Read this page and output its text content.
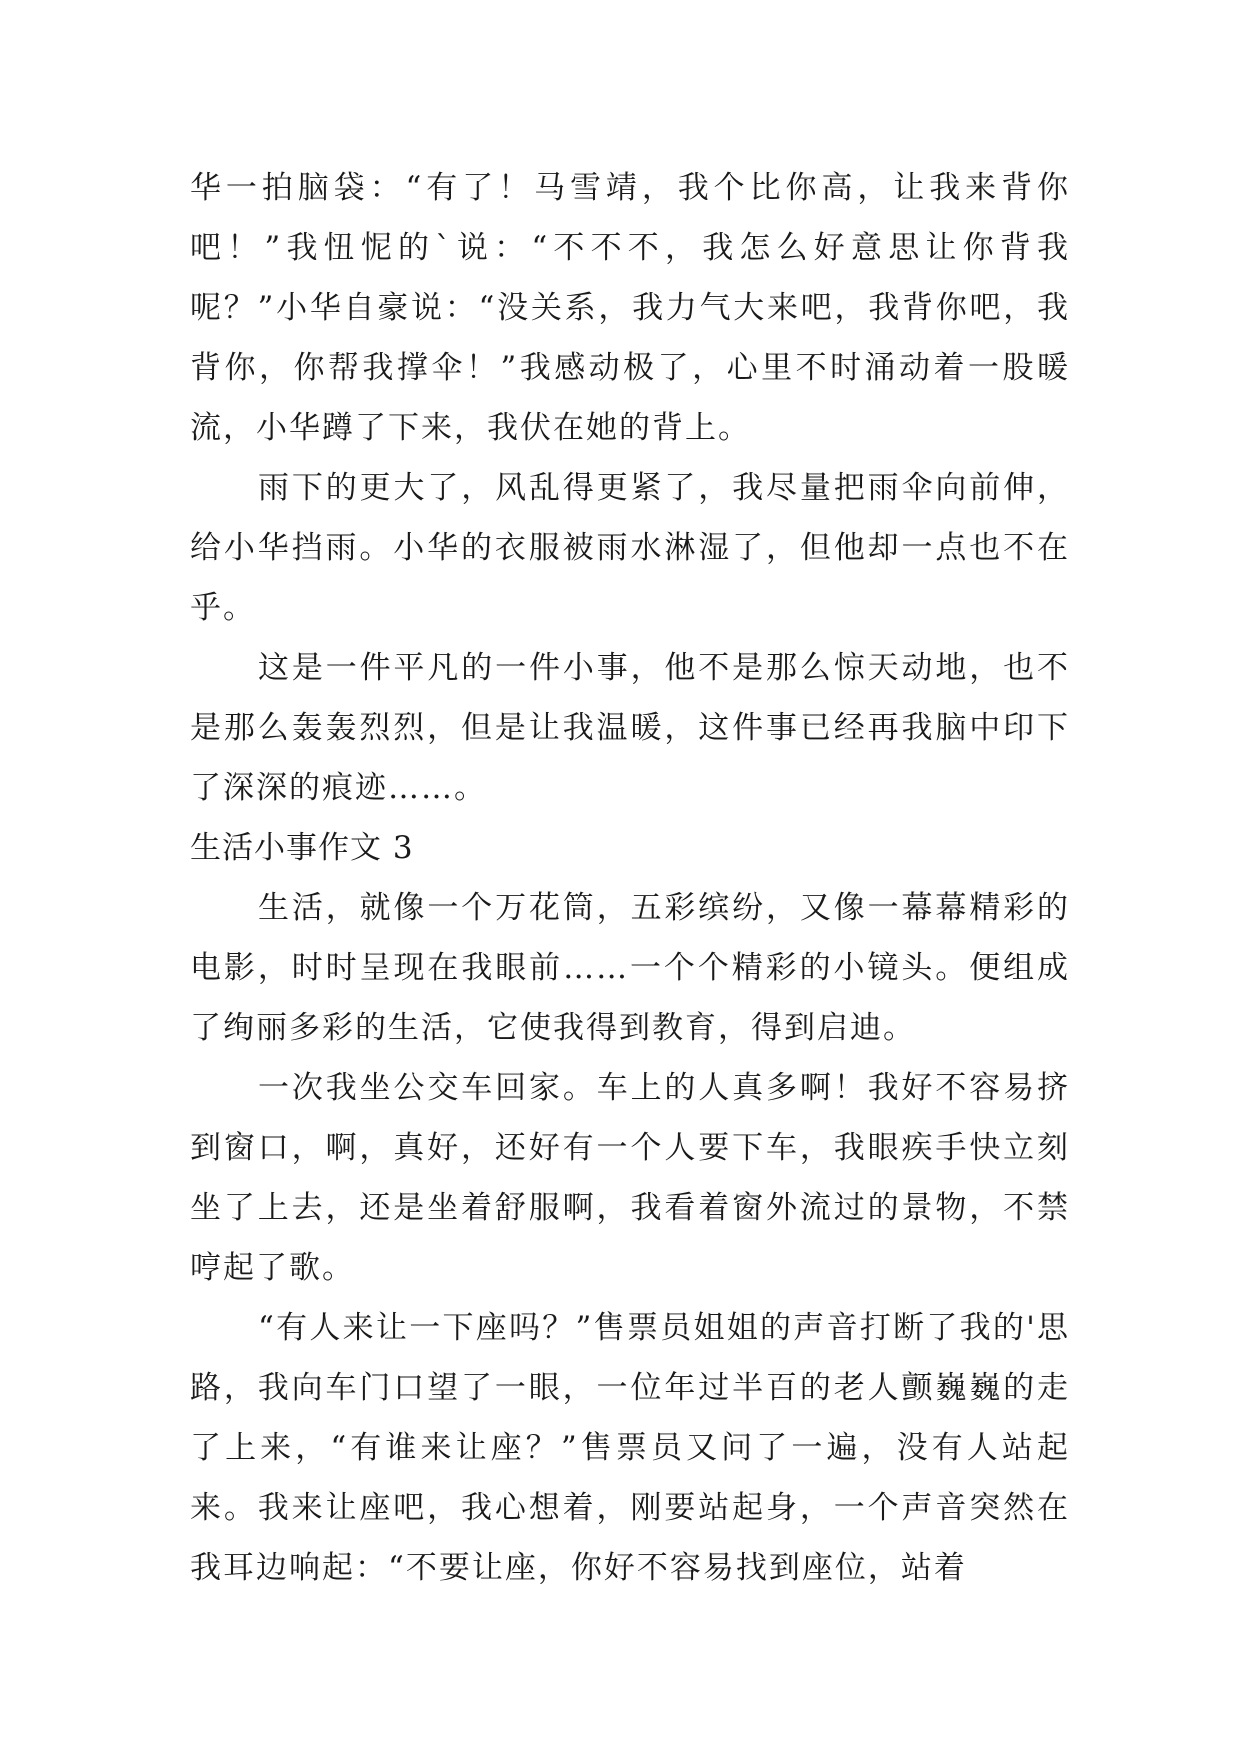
华一拍脑袋：“有了！马雪靖，我个比你高，让我来背你吧！”我忸怩的`说：“不不不，我怎么好意思让你背我呢？”小华自豪说：“没关系，我力气大来吧，我背你吧，我背你，你帮我撑伞！”我感动极了，心里不时涌动着一股暖流，小华蹲了下来，我伏在她的背上。

雨下的更大了，风乱得更紧了，我尽量把雨伞向前伸，给小华挡雨。小华的衣服被雨水淋湿了，但他却一点也不在乎。

这是一件平凡的一件小事，他不是那么惊天动地，也不是那么轰轰烈烈，但是让我温暖，这件事已经再我脑中印下了深深的痕迹……。

生活小事作文 3

生活，就像一个万花筒，五彩缤纷，又像一幕幕精彩的电影，时时呈现在我眼前……一个个精彩的小镜头。便组成了绚丽多彩的生活，它使我得到教育，得到启迪。

一次我坐公交车回家。车上的人真多啊！我好不容易挤到窗口，啊，真好，还好有一个人要下车，我眼疾手快立刻坐了上去，还是坐着舒服啊，我看着窗外流过的景物，不禁哼起了歌。

“有人来让一下座吗？”售票员姐姐的声音打断了我的'思路，我向车门口望了一眼，一位年过半百的老人颤巍巍的走了上来，“有谁来让座？”售票员又问了一遍，没有人站起来。我来让座吧，我心想着，刚要站起身，一个声音突然在我耳边响起：“不要让座，你好不容易找到座位，站着
